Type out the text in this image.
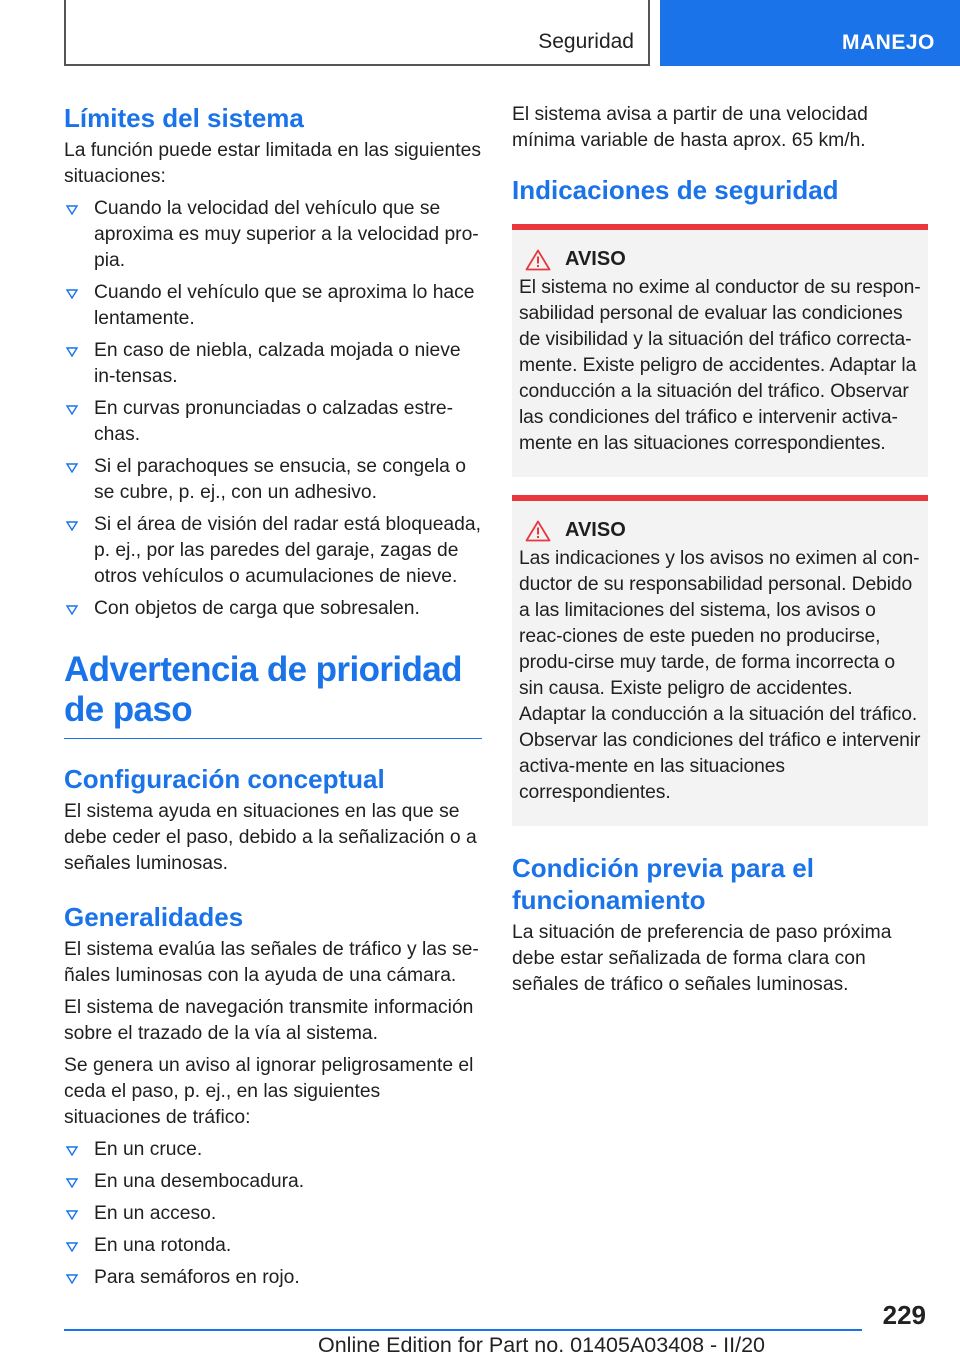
Seguridad	MANEJO
Límites del sistema

La función puede estar limitada en las siguientes situaciones:

Cuando la velocidad del vehículo que se aproxima es muy superior a la velocidad pro‐pia.
Cuando el vehículo que se aproxima lo hace lentamente.
En caso de niebla, calzada mojada o nieve in‐tensas.
En curvas pronunciadas o calzadas estre‐chas.
Si el parachoques se ensucia, se congela o se cubre, p. ej., con un adhesivo.
Si el área de visión del radar está bloqueada, p. ej., por las paredes del garaje, zagas de otros vehículos o acumulaciones de nieve.
Con objetos de carga que sobresalen.
Advertencia de prioridad de paso
Configuración conceptual

El sistema ayuda en situaciones en las que se debe ceder el paso, debido a la señalización o a señales luminosas.

Generalidades

El sistema evalúa las señales de tráfico y las se‐ñales luminosas con la ayuda de una cámara.

El sistema de navegación transmite información sobre el trazado de la vía al sistema.

Se genera un aviso al ignorar peligrosamente el ceda el paso, p. ej., en las siguientes situaciones de tráfico:

En un cruce.
En una desembocadura.
En un acceso.
En una rotonda.
Para semáforos en rojo.

El sistema avisa a partir de una velocidad mínima variable de hasta aprox. 65 km/h.

Indicaciones de seguridad
AVISO

El sistema no exime al conductor de su respon‐sabilidad personal de evaluar las condiciones de visibilidad y la situación del tráfico correcta‐mente. Existe peligro de accidentes. Adaptar la conducción a la situación del tráfico. Observar las condiciones del tráfico e intervenir activa‐mente en las situaciones correspondientes.

AVISO

Las indicaciones y los avisos no eximen al con‐ductor de su responsabilidad personal. Debido a las limitaciones del sistema, los avisos o reac‐ciones de este pueden no producirse, produ‐cirse muy tarde, de forma incorrecta o sin causa. Existe peligro de accidentes. Adaptar la conducción a la situación del tráfico. Observar las condiciones del tráfico e intervenir activa‐mente en las situaciones correspondientes.

Condición previa para el funcionamiento

La situación de preferencia de paso próxima debe estar señalizada de forma clara con señales de tráfico o señales luminosas.

229
Online Edition for Part no. 01405A03408 - II/20
